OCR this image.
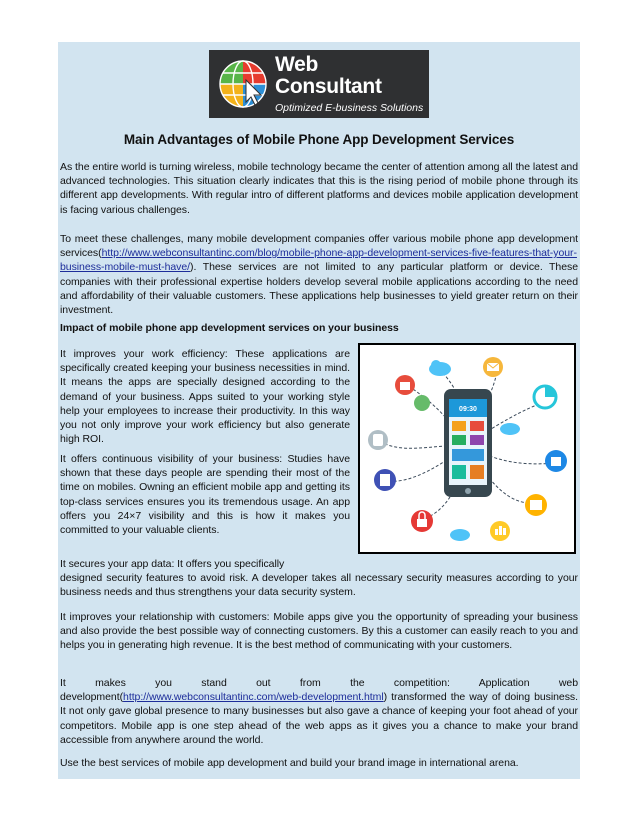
Web Consultant
Optimized E-business Solutions
Main Advantages of Mobile Phone App Development Services

As the entire world is turning wireless, mobile technology became the center of attention among all the latest and advanced technologies. This situation clearly indicates that this is the rising period of mobile phone through its different app developments. With regular intro of different platforms and devices mobile application development is facing various challenges.

To meet these challenges, many mobile development companies offer various mobile phone app development services(http://www.webconsultantinc.com/blog/mobile-phone-app-development-services-five-features-that-your-business-mobile-must-have/). These services are not limited to any particular platform or device. These companies with their professional expertise holders develop several mobile applications according to the need and affordability of their valuable customers. These applications help businesses to yield greater return on their investment.

Impact of mobile phone app development services on your business

It improves your work efficiency: These applications are specifically created keeping your business necessities in mind. It means the apps are specially designed according to the demand of your business. Apps suited to your working style help your employees to increase their productivity. In this way you not only improve your work efficiency but also generate high ROI.

It offers continuous visibility of your business: Studies have shown that these days people are spending their most of the time on mobiles. Owning an efficient mobile app and getting its top-class services ensures you its tremendous usage. An app offers you 24×7 visibility and this is how it makes you committed to your valuable clients.

It secures your app data: It offers you specifically

designed security features to avoid risk. A developer takes all necessary security measures according to your business needs and thus strengthens your data security system.

It improves your relationship with customers: Mobile apps give you the opportunity of spreading your business and also provide the best possible way of connecting customers. By this a customer can easily reach to you and helps you in generating high revenue. It is the best method of communicating with your customers.

It makes you stand out from the competition: Application web development(http://www.webconsultantinc.com/web-development.html) transformed the way of doing business. It not only gave global presence to many businesses but also gave a chance of keeping your foot ahead of your competitors. Mobile app is one step ahead of the web apps as it gives you a chance to make your brand accessible from anywhere around the world.

Use the best services of mobile app development and build your brand image in international arena.

09:30
